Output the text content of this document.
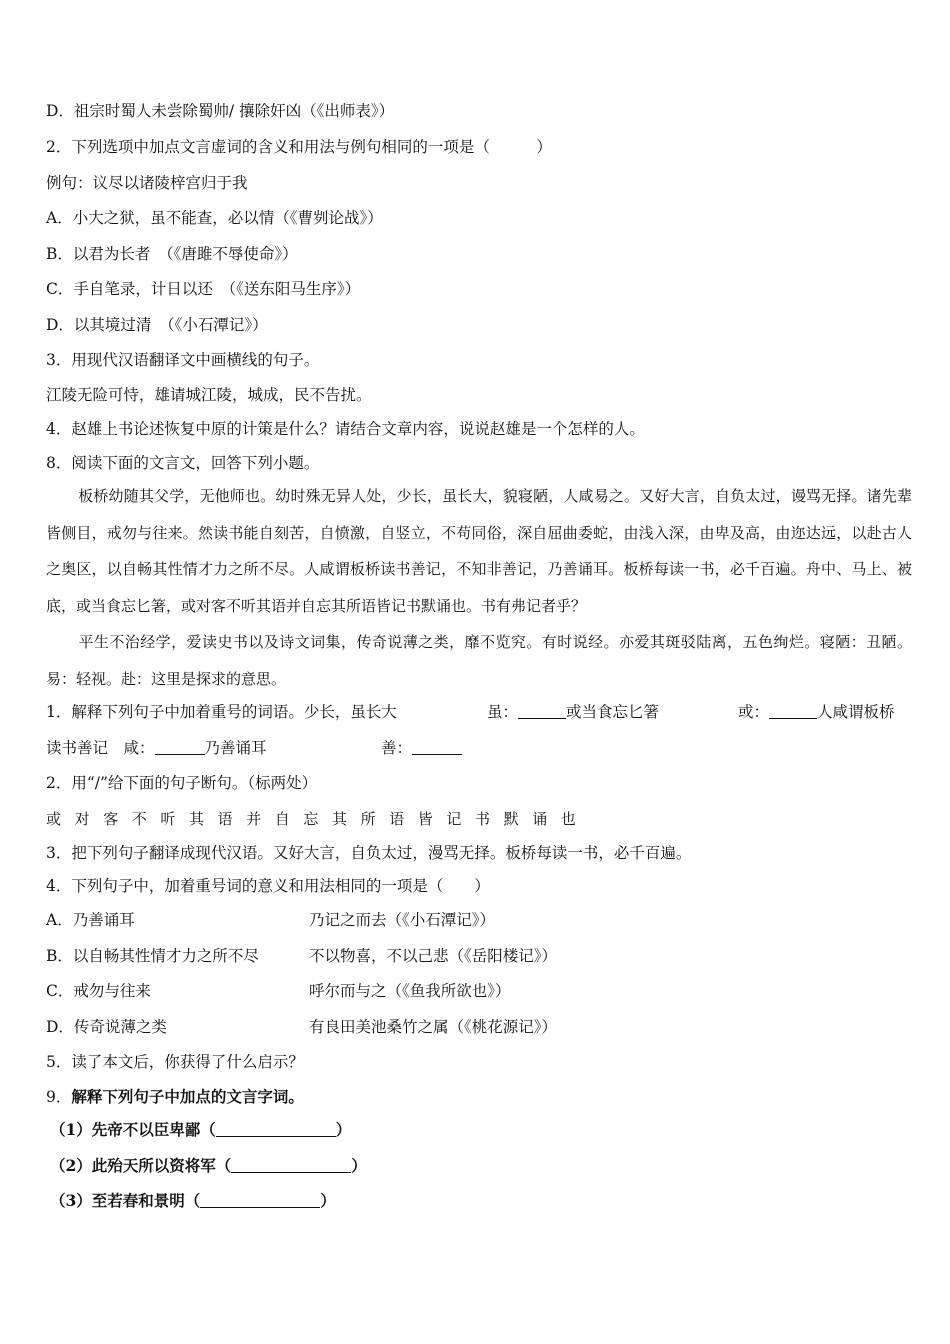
D．祖宗时蜀人未尝除蜀帅/ 攘除奸凶（《出师表》）
2．下列选项中加点文言虚词的含义和用法与例句相同的一项是（　　　）
例句：议尽以诸陵梓宫归于我
A．小大之狱，虽不能查，必以情（《曹刿论战》）
B．以君为长者　（《唐雎不辱使命》）
C．手自笔录，计日以还　（《送东阳马生序》）
D．以其境过清　（《小石潭记》）
3．用现代汉语翻译文中画横线的句子。
江陵无险可恃，雄请城江陵，城成，民不告扰。
4．赵雄上书论述恢复中原的计策是什么？请结合文章内容，说说赵雄是一个怎样的人。
8．阅读下面的文言文，回答下列小题。
板桥幼随其父学，无他师也。幼时殊无异人处，少长，虽长大，貌寝陋，人咸易之。又好大言，自负太过，谩骂无择。诸先辈皆侧目，戒勿与往来。然读书能自刻苦，自愤激，自竖立，不苟同俗，深自屈曲委蛇，由浅入深，由卑及高，由迩达远，以赴古人之奥区，以自畅其性情才力之所不尽。人咸谓板桥读书善记，不知非善记，乃善诵耳。板桥每读一书，必千百遍。舟中、马上、被底，或当食忘匕箸，或对客不听其语并自忘其所语皆记书默诵也。书有弗记者乎？
平生不治经学，爱读史书以及诗文词集，传奇说薄之类，靡不览究。有时说经。亦爱其斑驳陆离，五色绚烂。寝陋：丑陋。易：轻视。赴：这里是探求的意思。
1．解释下列句子中加着重号的词语。少长，虽长大	虽：	或当食忘匕箸	或：	人咸谓板桥
读书善记　咸：	乃善诵耳	善：
2．用“/”给下面的句子断句。（标两处）
或对客不听其语并自忘其所语皆记书默诵也
3．把下列句子翻译成现代汉语。又好大言，自负太过，漫骂无择。板桥每读一书，必千百遍。
4．下列句子中，加着重号词的意义和用法相同的一项是（　　）
A．乃善诵耳	乃记之而去（《小石潭记》）
B．以自畅其性情才力之所不尽	不以物喜，不以己悲（《岳阳楼记》）
C．戒勿与往来	呼尔而与之（《鱼我所欲也》）
D．传奇说薄之类	有良田美池桑竹之属（《桃花源记》）
5．读了本文后，你获得了什么启示？
9．解释下列句子中加点的文言字词。
（1）先帝不以臣卑鄙（	）
（2）此殆天所以资将军（	）
（3）至若春和景明（	）
